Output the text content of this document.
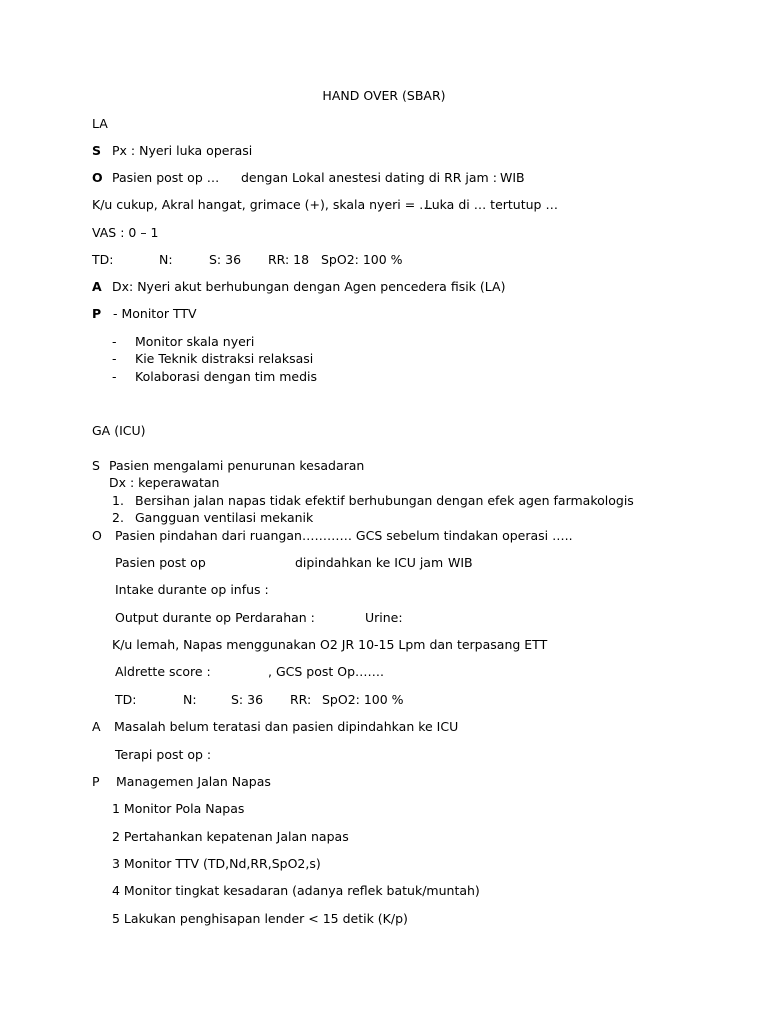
HAND OVER (SBAR)
LA
S Px : Nyeri luka operasi
O Pasien post op … dengan Lokal anestesi dating di RR jam : WIB
K/u cukup, Akral hangat, grimace (+), skala nyeri = …
Luka di … tertutup …
VAS : 0 – 1
TD:	N:	S: 36 RR: 18 SpO2: 100 %
A Dx: Nyeri akut berhubungan dengan Agen pencedera fisik (LA)
P - Monitor TTV
- Monitor skala nyeri
- Kie Teknik distraksi relaksasi
- Kolaborasi dengan tim medis
GA (ICU)
S Pasien mengalami penurunan kesadaran
Dx : keperawatan
1. Bersihan jalan napas tidak efektif berhubungan dengan efek agen farmakologis
2. Gangguan ventilasi mekanik
O Pasien pindahan dari ruangan………… GCS sebelum tindakan operasi …..
Pasien post op	dipindahkan ke ICU jam WIB
Intake durante op infus :
Output durante op Perdarahan :	Urine:
K/u lemah, Napas menggunakan O2 JR 10-15 Lpm dan terpasang ETT
Aldrette score :	, GCS post Op…….
TD:	N:	S: 36 RR: SpO2: 100 %
A Masalah belum teratasi dan pasien dipindahkan ke ICU
Terapi post op :
P Managemen Jalan Napas
1 Monitor Pola Napas
2 Pertahankan kepatenan Jalan napas
3 Monitor TTV (TD,Nd,RR,SpO2,s)
4 Monitor tingkat kesadaran (adanya reflek batuk/muntah)
5 Lakukan penghisapan lender < 15 detik (K/p)
